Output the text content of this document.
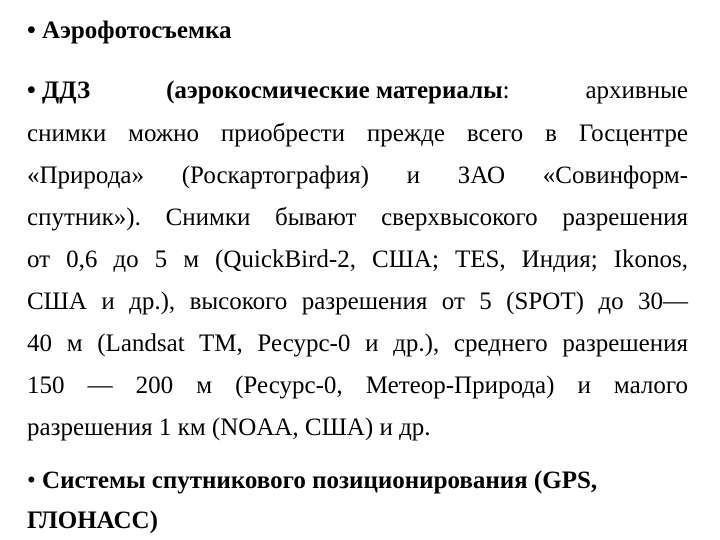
• Аэрофотосъемка
• ДДЗ	(аэрокосмические материалы:	архивные
снимки можно приобрести прежде всего в Госцентре
«Природа» (Роскартография) и ЗАО «Совинформ-
спутник»). Снимки бывают сверхвысокого разрешения
от 0,6 до 5 м (QuickBird-2, США; TES, Индия; Ikonos,
США и др.), высокого разрешения от 5 (SPOT) до 30—
40 м (Landsat TM, Ресурс-0 и др.), среднего разрешения
150 — 200 м (Ресурс-0, Метеор-Природа) и малого
разрешения 1 км (NOAA, США) и др.
• Системы спутникового позиционирования (GPS,
ГЛОНАСС)
